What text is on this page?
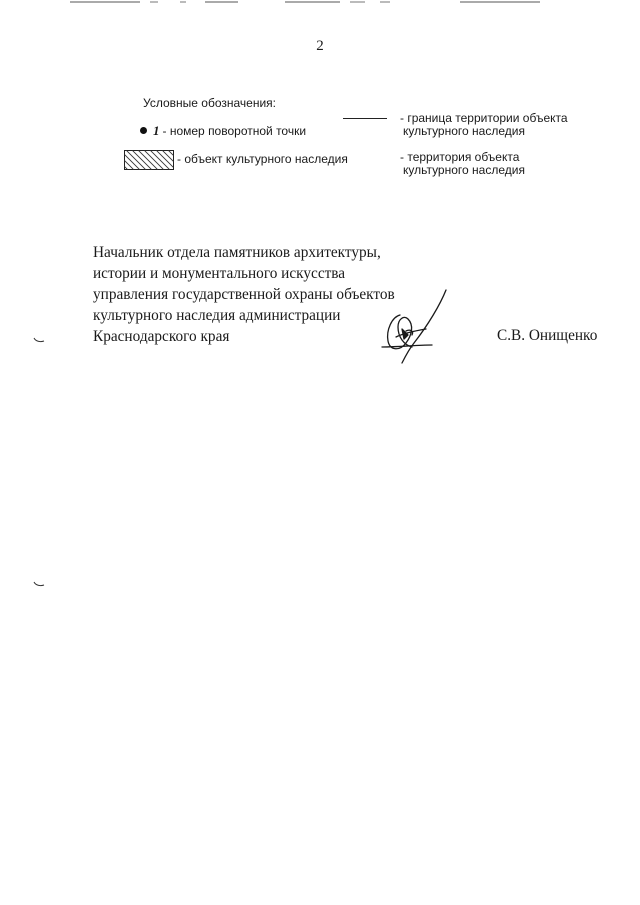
2
Условные обозначения:
1 - номер поворотной точки
- объект культурного наследия
- граница территории объекта
культурного наследия
- территория объекта
культурного наследия
Начальник отдела памятников архитектуры,
истории и монументального искусства
управления государственной охраны объектов
культурного наследия администрации
Краснодарского края	С.В. Онищенко
